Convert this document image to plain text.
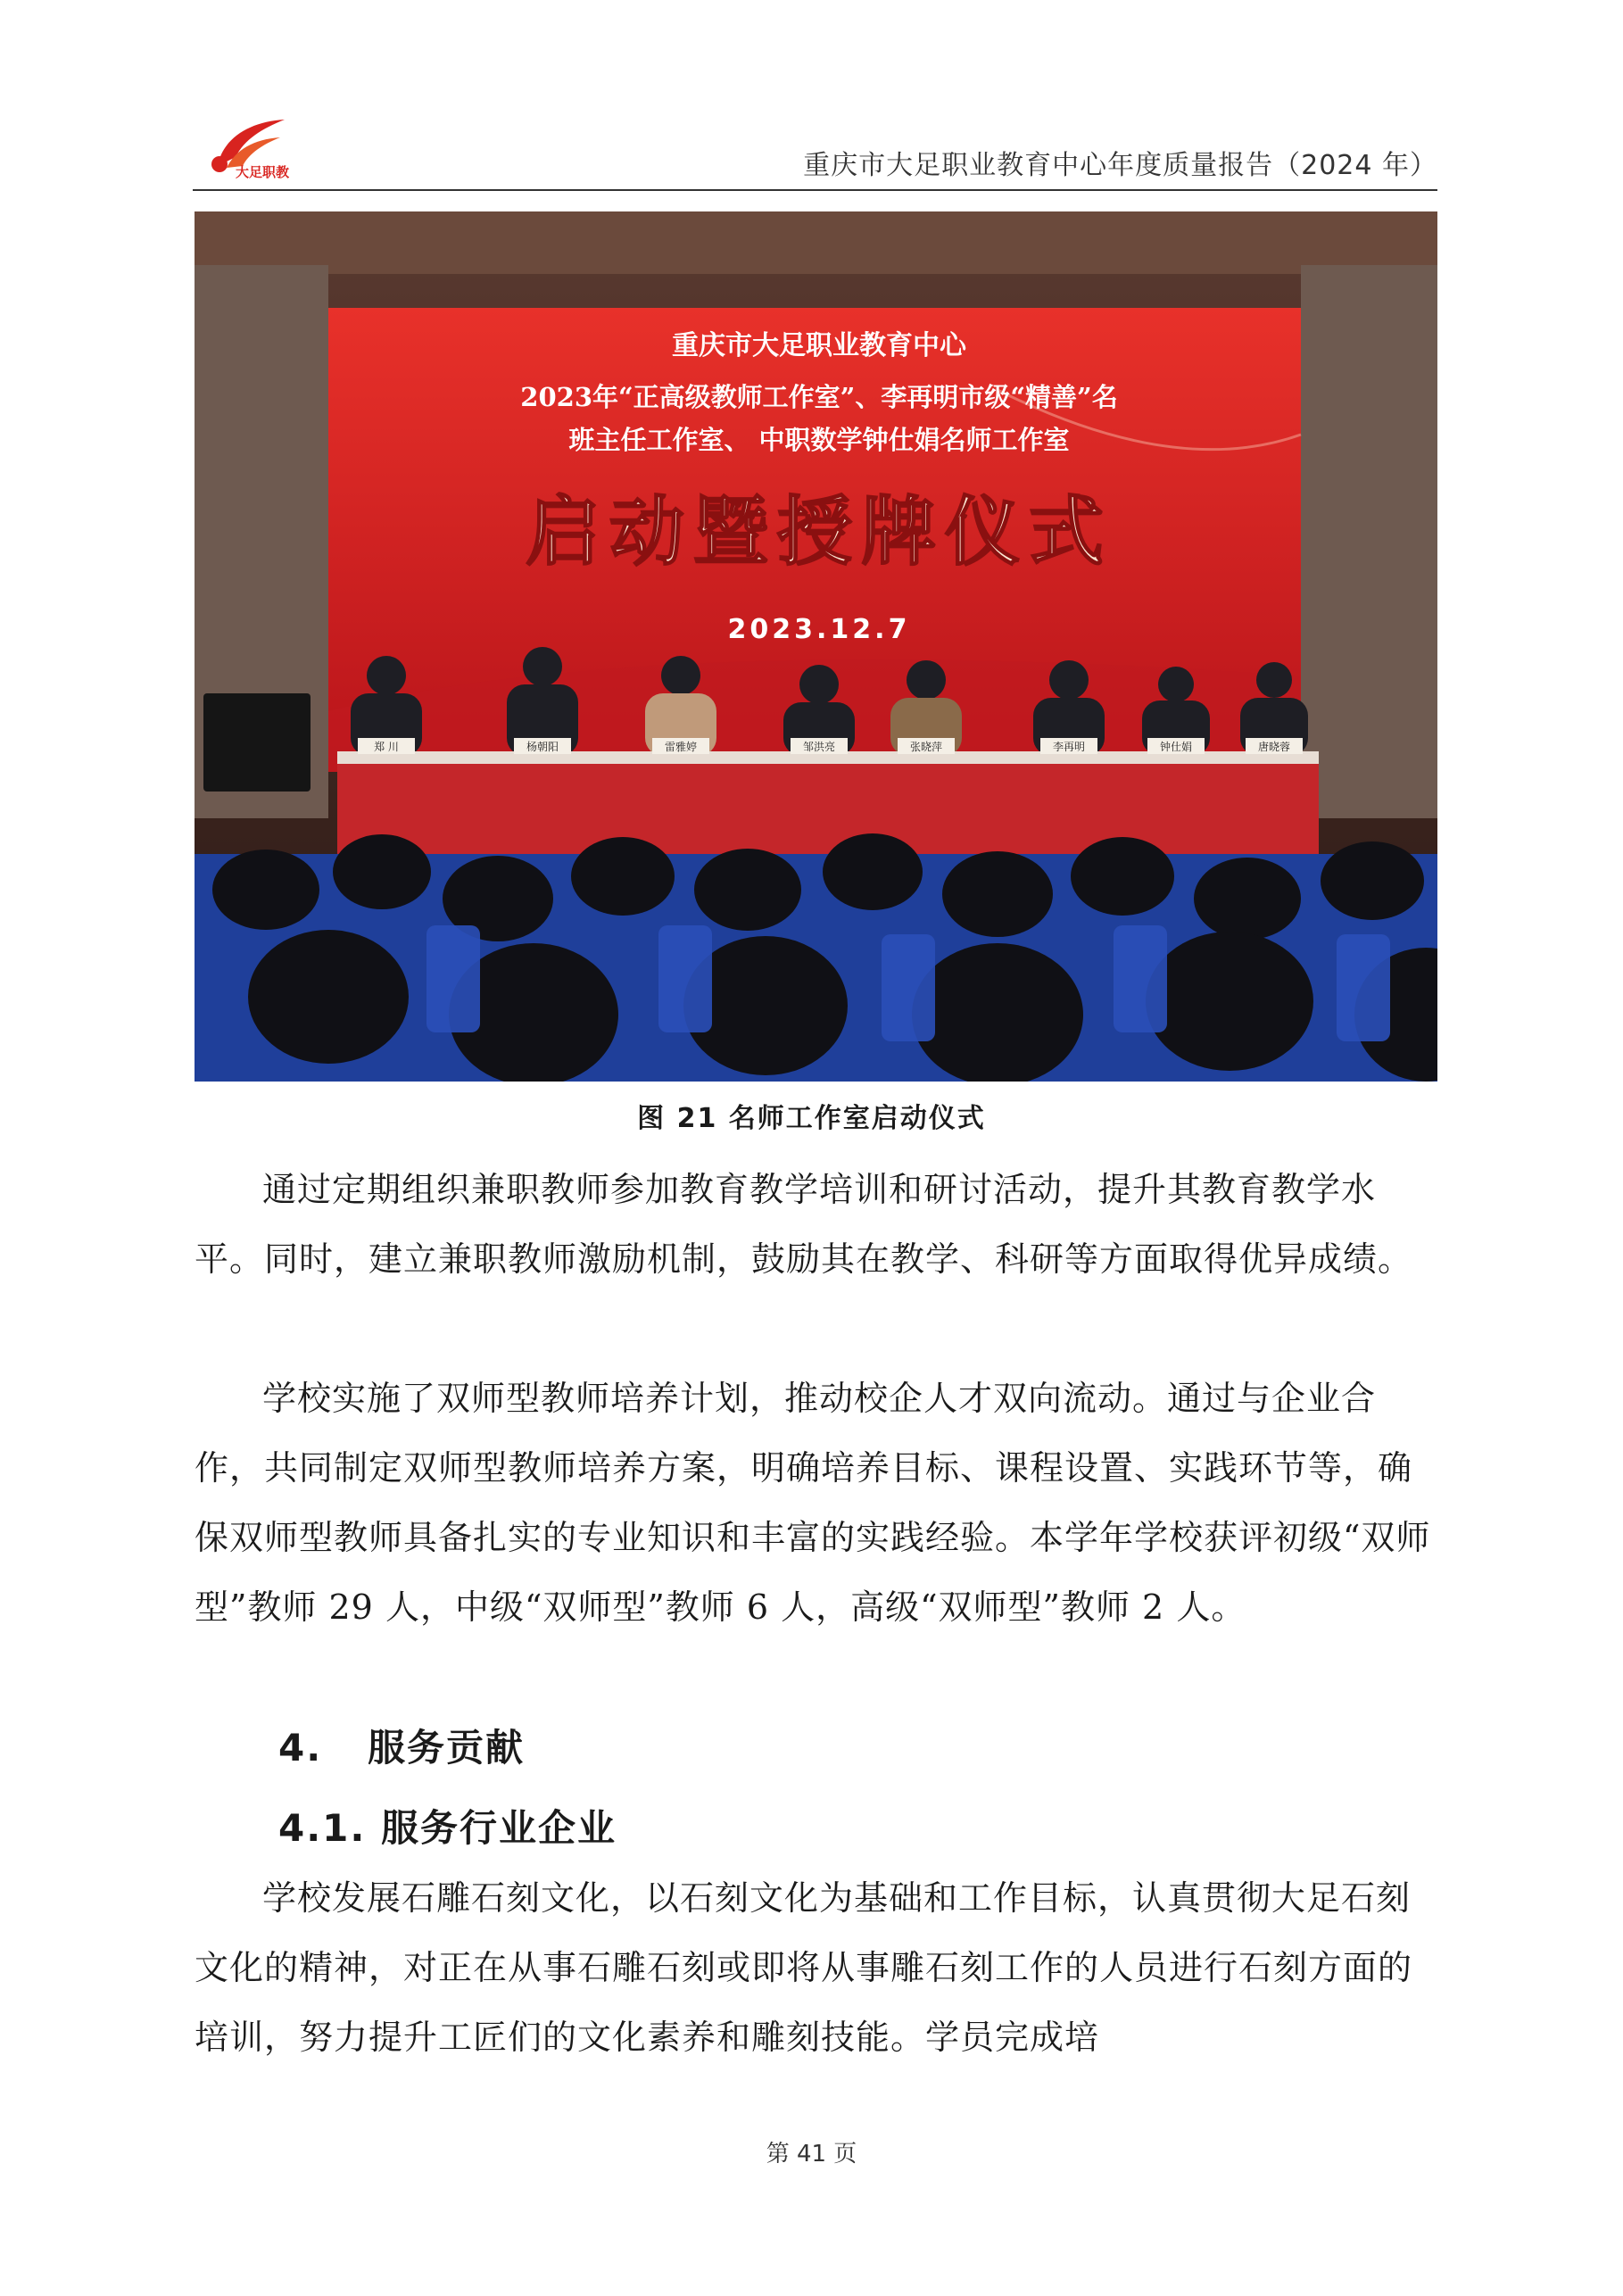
大足职教	重庆市大足职业教育中心年度质量报告（2024 年）
重庆市大足职业教育中心
2023年“正高级教师工作室”、李再明市级“精善”名
班主任工作室、 中职数学钟仕娟名师工作室
启动暨授牌仪式
2023.12.7
郑 川	杨朝阳	雷雅婷	邹洪亮	张晓萍	李再明	钟仕娟	唐晓蓉
图 21 名师工作室启动仪式

通过定期组织兼职教师参加教育教学培训和研讨活动，提升其教育教学水平。同时，建立兼职教师激励机制，鼓励其在教学、科研等方面取得优异成绩。

学校实施了双师型教师培养计划，推动校企人才双向流动。通过与企业合作，共同制定双师型教师培养方案，明确培养目标、课程设置、实践环节等，确保双师型教师具备扎实的专业知识和丰富的实践经验。本学年学校获评初级“双师型”教师 29 人，中级“双师型”教师 6 人，高级“双师型”教师 2 人。

4. 服务贡献
4.1. 服务行业企业

学校发展石雕石刻文化，以石刻文化为基础和工作目标，认真贯彻大足石刻文化的精神，对正在从事石雕石刻或即将从事雕石刻工作的人员进行石刻方面的培训，努力提升工匠们的文化素养和雕刻技能。学员完成培

第 41 页
